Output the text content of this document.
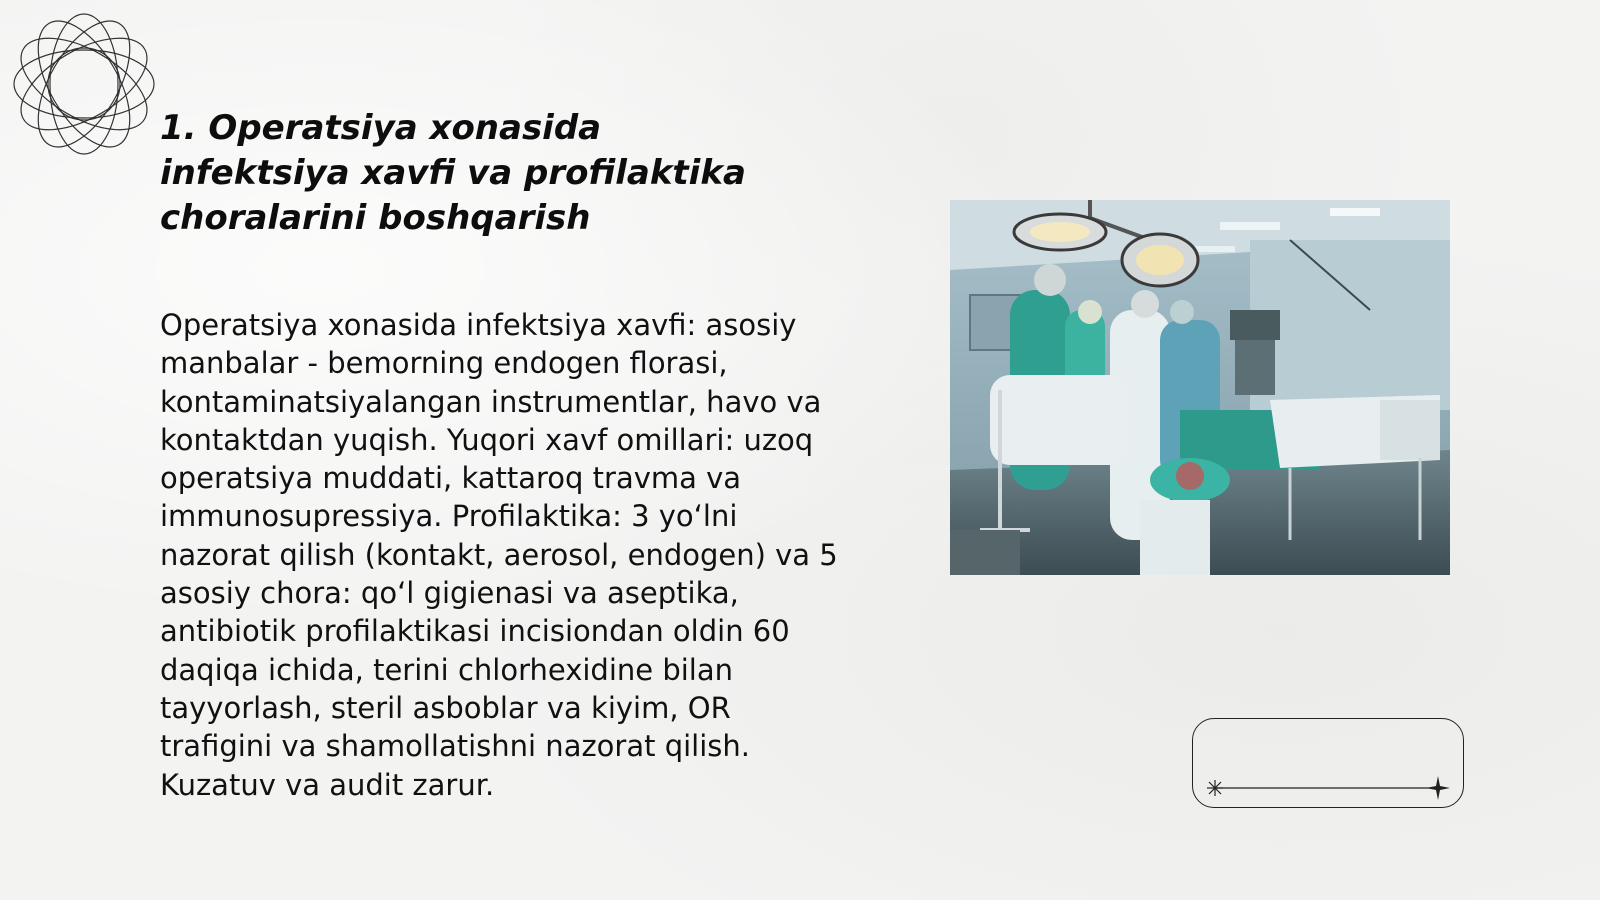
1. Operatsiya xonasida infektsiya xavfi va profilaktika choralarini boshqarish

Operatsiya xonasida infektsiya xavfi: asosiy manbalar - bemorning endogen florasi, kontaminatsiyalangan instrumentlar, havo va kontaktdan yuqish. Yuqori xavf omillari: uzoq operatsiya muddati, kattaroq travma va immunosupressiya. Profilaktika: 3 yo‘lni nazorat qilish (kontakt, aerosol, endogen) va 5 asosiy chora: qo‘l gigienasi va aseptika, antibiotik profilaktikasi incisiondan oldin 60 daqiqa ichida, terini chlorhexidine bilan tayyorlash, steril asboblar va kiyim, OR trafigini va shamollatishni nazorat qilish. Kuzatuv va audit zarur.
